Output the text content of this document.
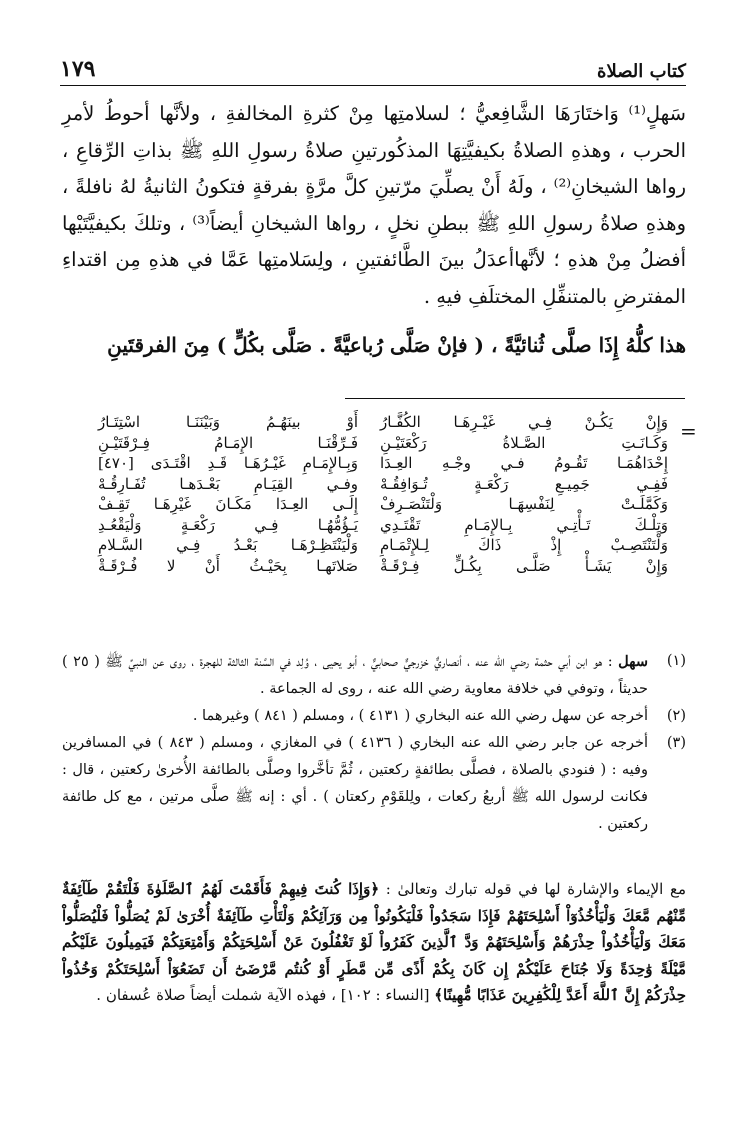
كتاب الصلاة
١٧٩

سَهلٍ⁽¹⁾ وَاختَارَهَا الشَّافِعيُّ ؛ لسلامتِها مِنْ كثرةِ المخالفةِ ، ولأنَّها أحوطُ لأمرِ الحرب ، وهذهِ الصلاةُ بكيفيَّتِهَا المذكُورتينِ صلاةُ رسولِ اللهِ ﷺ بذاتِ الرِّقاعِ ، رواها الشيخانِ⁽²⁾ ، ولَهُ أَنْ يصلِّيَ مرّتينِ كلَّ مرَّةٍ بفرقةٍ فتكونُ الثانيةُ لهُ نافلةً ، وهذهِ صلاةُ رسولِ اللهِ ﷺ ببطنِ نخلٍ ، رواها الشيخانِ أيضاً⁽³⁾ ، وتلكَ بكيفيَّتَيْها أفضلُ مِنْ هذهِ ؛ لأنَّهاأعدَلُ بينَ الطَّائفتينِ ، ولِسَلامتِها عَمَّا في هذهِ مِن اقتداءِ المفترضِ بالمتنفِّلِ المختلَفِ فيهِ .

هذا كلُّهُ إِذَا صلَّى ثُنائيَّةً ، ( فإنْ صَلَّى رُباعيَّةً . صَلَّى بكُلٍّ ) مِنَ الفرقتَينِ
=
وَإِنْ يَكُـنْ فِـي غَيْـرِهَـا الكُفَّـارُ
أَوْ بينَهُـمُ وَبَيْنَنَـا اسْتِتَـارُ
وَكَـانَـتِ الصَّـلاةُ رَكْعَتَيْـنِ
فَـرِّقْنَـا الإِمَـامُ فِـرْقَتَيْـنِ
إِحْدَاهُمَـا تَقُـومُ فـي وجْـهِ العِـدَا
وَبِـالإِمَـامِ غَيْـرُهَـا قَـدِ اقْتَـدَى [٤٧٠]
فَفِـي جَمِيـعِ رَكْعَـةٍ تُـوَافِقُـهْ
وفـي القِيَـامِ بَعْـدَهـا تُفَـارِقُـهْ
وَكَمَّلَـتْ لِنَفْسِهَـا وَلْتَنْصَـرِفْ
إِلَـى العِـدَا مَكَـانَ غَيْرِهَـا تَقِـفْ
وَتِلْـكَ تَـأْتِـي بِـالإِمَـامِ تَقْتَـدِي
يَـؤُمُّهُـا فِـي رَكْعَـةٍ وَلْيَقْعُـدِ
وَلْتَنْتَصِـبْ إِذْ ذَاكَ لِـلإِتْمَـامِ
وَلْيَنْتَظِـرْهَـا بَعْـدُ فِـي السَّـلامِ
وَإِنْ يَشَـأْ صَلَّـى بِكُـلٍّ فِـرْقَـةْ
صَلاتَهـا بِحَيْـثُ أَنْ لا فُـرْقَـةْ
(١)
سهل : هو ابن أبي حثمة رضي الله عنه ، أنصاريٌّ خزرجيٌّ صحابيٌّ ، أبو يحيى ، وُلِد في السَّنة الثالثة للهجرة ، روى عن النبيِّ ﷺ ( ٢٥ ) حديثاً ، وتوفي في خلافة معاوية رضي الله عنه ، روى له الجماعة .
(٢)
أخرجه عن سهل رضي الله عنه البخاري ( ٤١٣١ ) ، ومسلم ( ٨٤١ ) وغيرهما .
(٣)
أخرجه عن جابر رضي الله عنه البخاري ( ٤١٣٦ ) في المغازي ، ومسلم ( ٨٤٣ ) في المسافرين وفيه : ( فنودي بالصلاة ، فصلَّى بطائفةٍ ركعتين ، ثُمَّ تأخَّروا وصلَّى بالطائفة الأُخرىٰ ركعتين ، قال : فكانت لرسول الله ﷺ أربعُ ركعات ، ولِلقَوْمِ ركعتان ) . أي : إنه ﷺ صلَّى مرتين ، مع كل طائفة ركعتين .
مع الإيماء والإشارة لها في قوله تبارك وتعالىٰ : ﴿وَإِذَا كُنتَ فِيهِمْ فَأَقَمْتَ لَهُمُ ٱلصَّلَوٰةَ فَلْتَقُمْ طَآئِفَةٌ مِّنْهُم مَّعَكَ وَلْيَأْخُذُوٓاْ أَسْلِحَتَهُمْ فَإِذَا سَجَدُواْ فَلْيَكُونُواْ مِن وَرَآئِكُمْ وَلْتَأْتِ طَآئِفَةٌ أُخْرَىٰ لَمْ يُصَلُّواْ فَلْيُصَلُّواْ مَعَكَ وَلْيَأْخُذُواْ حِذْرَهُمْ وَأَسْلِحَتَهُمْ وَدَّ ٱلَّذِينَ كَفَرُواْ لَوْ تَغْفُلُونَ عَنْ أَسْلِحَتِكُمْ وَأَمْتِعَتِكُمْ فَيَمِيلُونَ عَلَيْكُم مَّيْلَةً وَٰحِدَةً وَلَا جُنَاحَ عَلَيْكُمْ إِن كَانَ بِكُمْ أَذًى مِّن مَّطَرٍ أَوْ كُنتُم مَّرْضَىٰٓ أَن تَضَعُوٓاْ أَسْلِحَتَكُمْ وَخُذُواْ حِذْرَكُمْ إِنَّ ٱللَّهَ أَعَدَّ لِلْكَٰفِرِينَ عَذَابًا مُّهِينًا﴾ [النساء : ١٠٢] ، فهذه الآية شملت أيضاً صلاة عُسفان .
